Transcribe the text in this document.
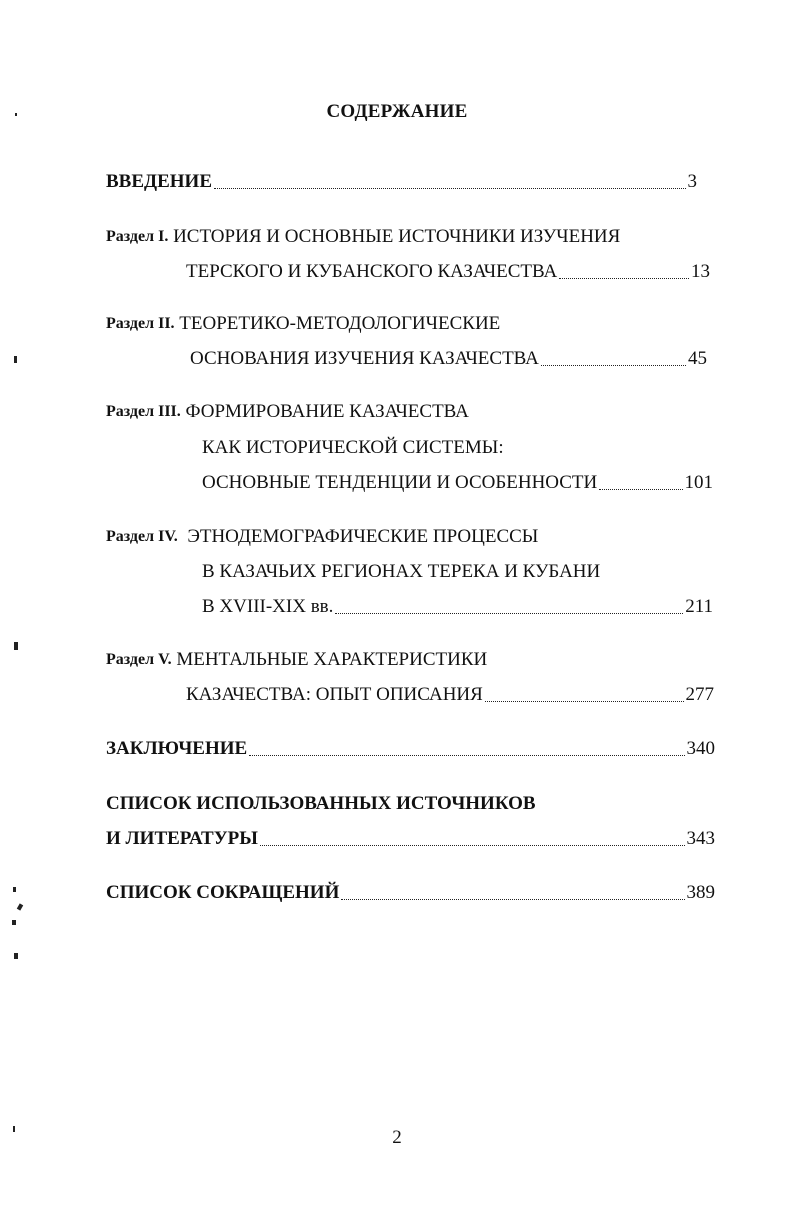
СОДЕРЖАНИЕ
ВВЕДЕНИЕ	3
Раздел I.
ИСТОРИЯ И ОСНОВНЫЕ ИСТОЧНИКИ ИЗУЧЕНИЯ
ТЕРСКОГО И КУБАНСКОГО КАЗАЧЕСТВА	13
Раздел II.
ТЕОРЕТИКО-МЕТОДОЛОГИЧЕСКИЕ
ОСНОВАНИЯ ИЗУЧЕНИЯ КАЗАЧЕСТВА	45
Раздел III.
ФОРМИРОВАНИЕ КАЗАЧЕСТВА
КАК ИСТОРИЧЕСКОЙ СИСТЕМЫ:
ОСНОВНЫЕ ТЕНДЕНЦИИ И ОСОБЕННОСТИ	101
Раздел IV.
ЭТНОДЕМОГРАФИЧЕСКИЕ ПРОЦЕССЫ
В КАЗАЧЬИХ РЕГИОНАХ ТЕРЕКА И КУБАНИ
В XVIII-XIX вв.	211
Раздел V.
МЕНТАЛЬНЫЕ ХАРАКТЕРИСТИКИ
КАЗАЧЕСТВА: ОПЫТ ОПИСАНИЯ	277
ЗАКЛЮЧЕНИЕ	340
СПИСОК ИСПОЛЬЗОВАННЫХ ИСТОЧНИКОВ
И ЛИТЕРАТУРЫ	343
СПИСОК СОКРАЩЕНИЙ	389
2
